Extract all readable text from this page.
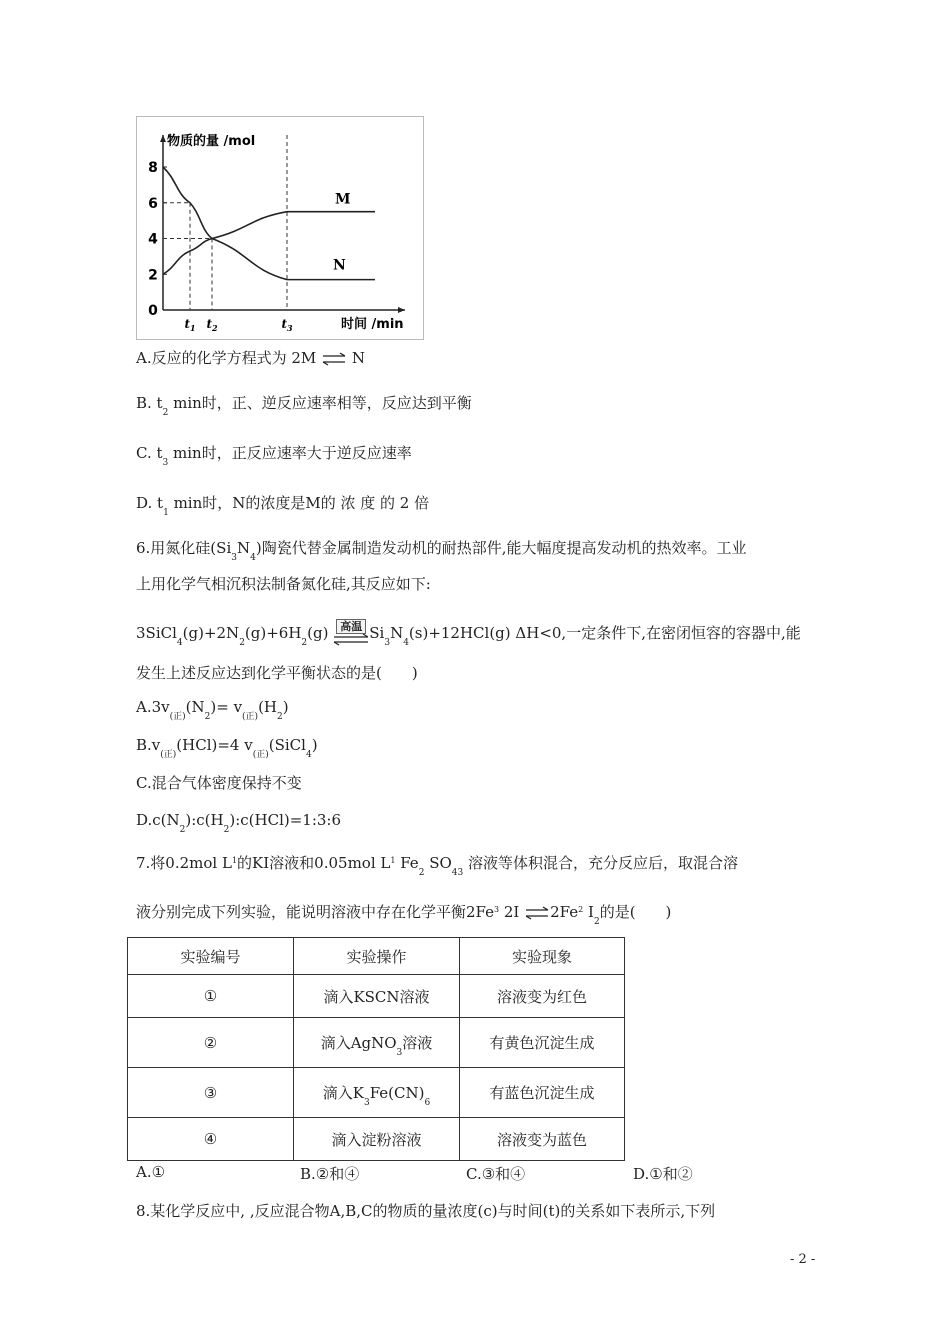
0
2
4
6
8
$t_1$ $t_2$	$t_3$
物质的量 /mol
时间 /min
M
N
A.反应的化学方程式为 2M ⇌ N
B. $t_2$ min时，正、逆反应速率相等，反应达到平衡
C. $t_3$ min时，正反应速率大于逆反应速率
D. $t_1$ min时，N的浓度是M的 浓 度 的 2 倍
6.用氮化硅$(Si_3N_4)$陶瓷代替金属制造发动机的耐热部件,能大幅度提高发动机的热效率。工业
上用化学气相沉积法制备氮化硅,其反应如下:
$3SiCl_4(g)+2N_2(g)+6H_2(g)$ 高温 $Si_3N_4(s)+12HCl(g)$ ΔH<0,一定条件下,在密闭恒容的容器中,能
发生上述反应达到化学平衡状态的是(　　)
$A.3v_{(正)}(N_2)= v_{(正)}(H_2)$
$B.v_{(正)}(HCl)=4$ $v_{(正)}(SiCl_4)$
C.混合气体密度保持不变
$D.c(N_2):c(H_2):c(HCl)=1:3:6$
7.将0.2mol $L^1$的KI溶液和0.05mol $L^1$ $Fe_2$ $SO_{43}$ 溶液等体积混合，充分反应后，取混合溶
液分别完成下列实验，能说明溶液中存在化学平衡2Fe$^3$ 2I ⇌2Fe$^2$ $I_2$的是(　　)
实验编号	实验操作	实验现象
①	滴入KSCN溶液	溶液变为红色
②	滴入AgNO$_3$溶液	有黄色沉淀生成
③	滴入$K_3Fe(CN)_6$	有蓝色沉淀生成
④	滴入淀粉溶液	溶液变为蓝色
A.①	B.②和④	C.③和④	D.①和②
8.某化学反应中, ,反应混合物A,B,C的物质的量浓度(c)与时间(t)的关系如下表所示,下列
- 2 -
